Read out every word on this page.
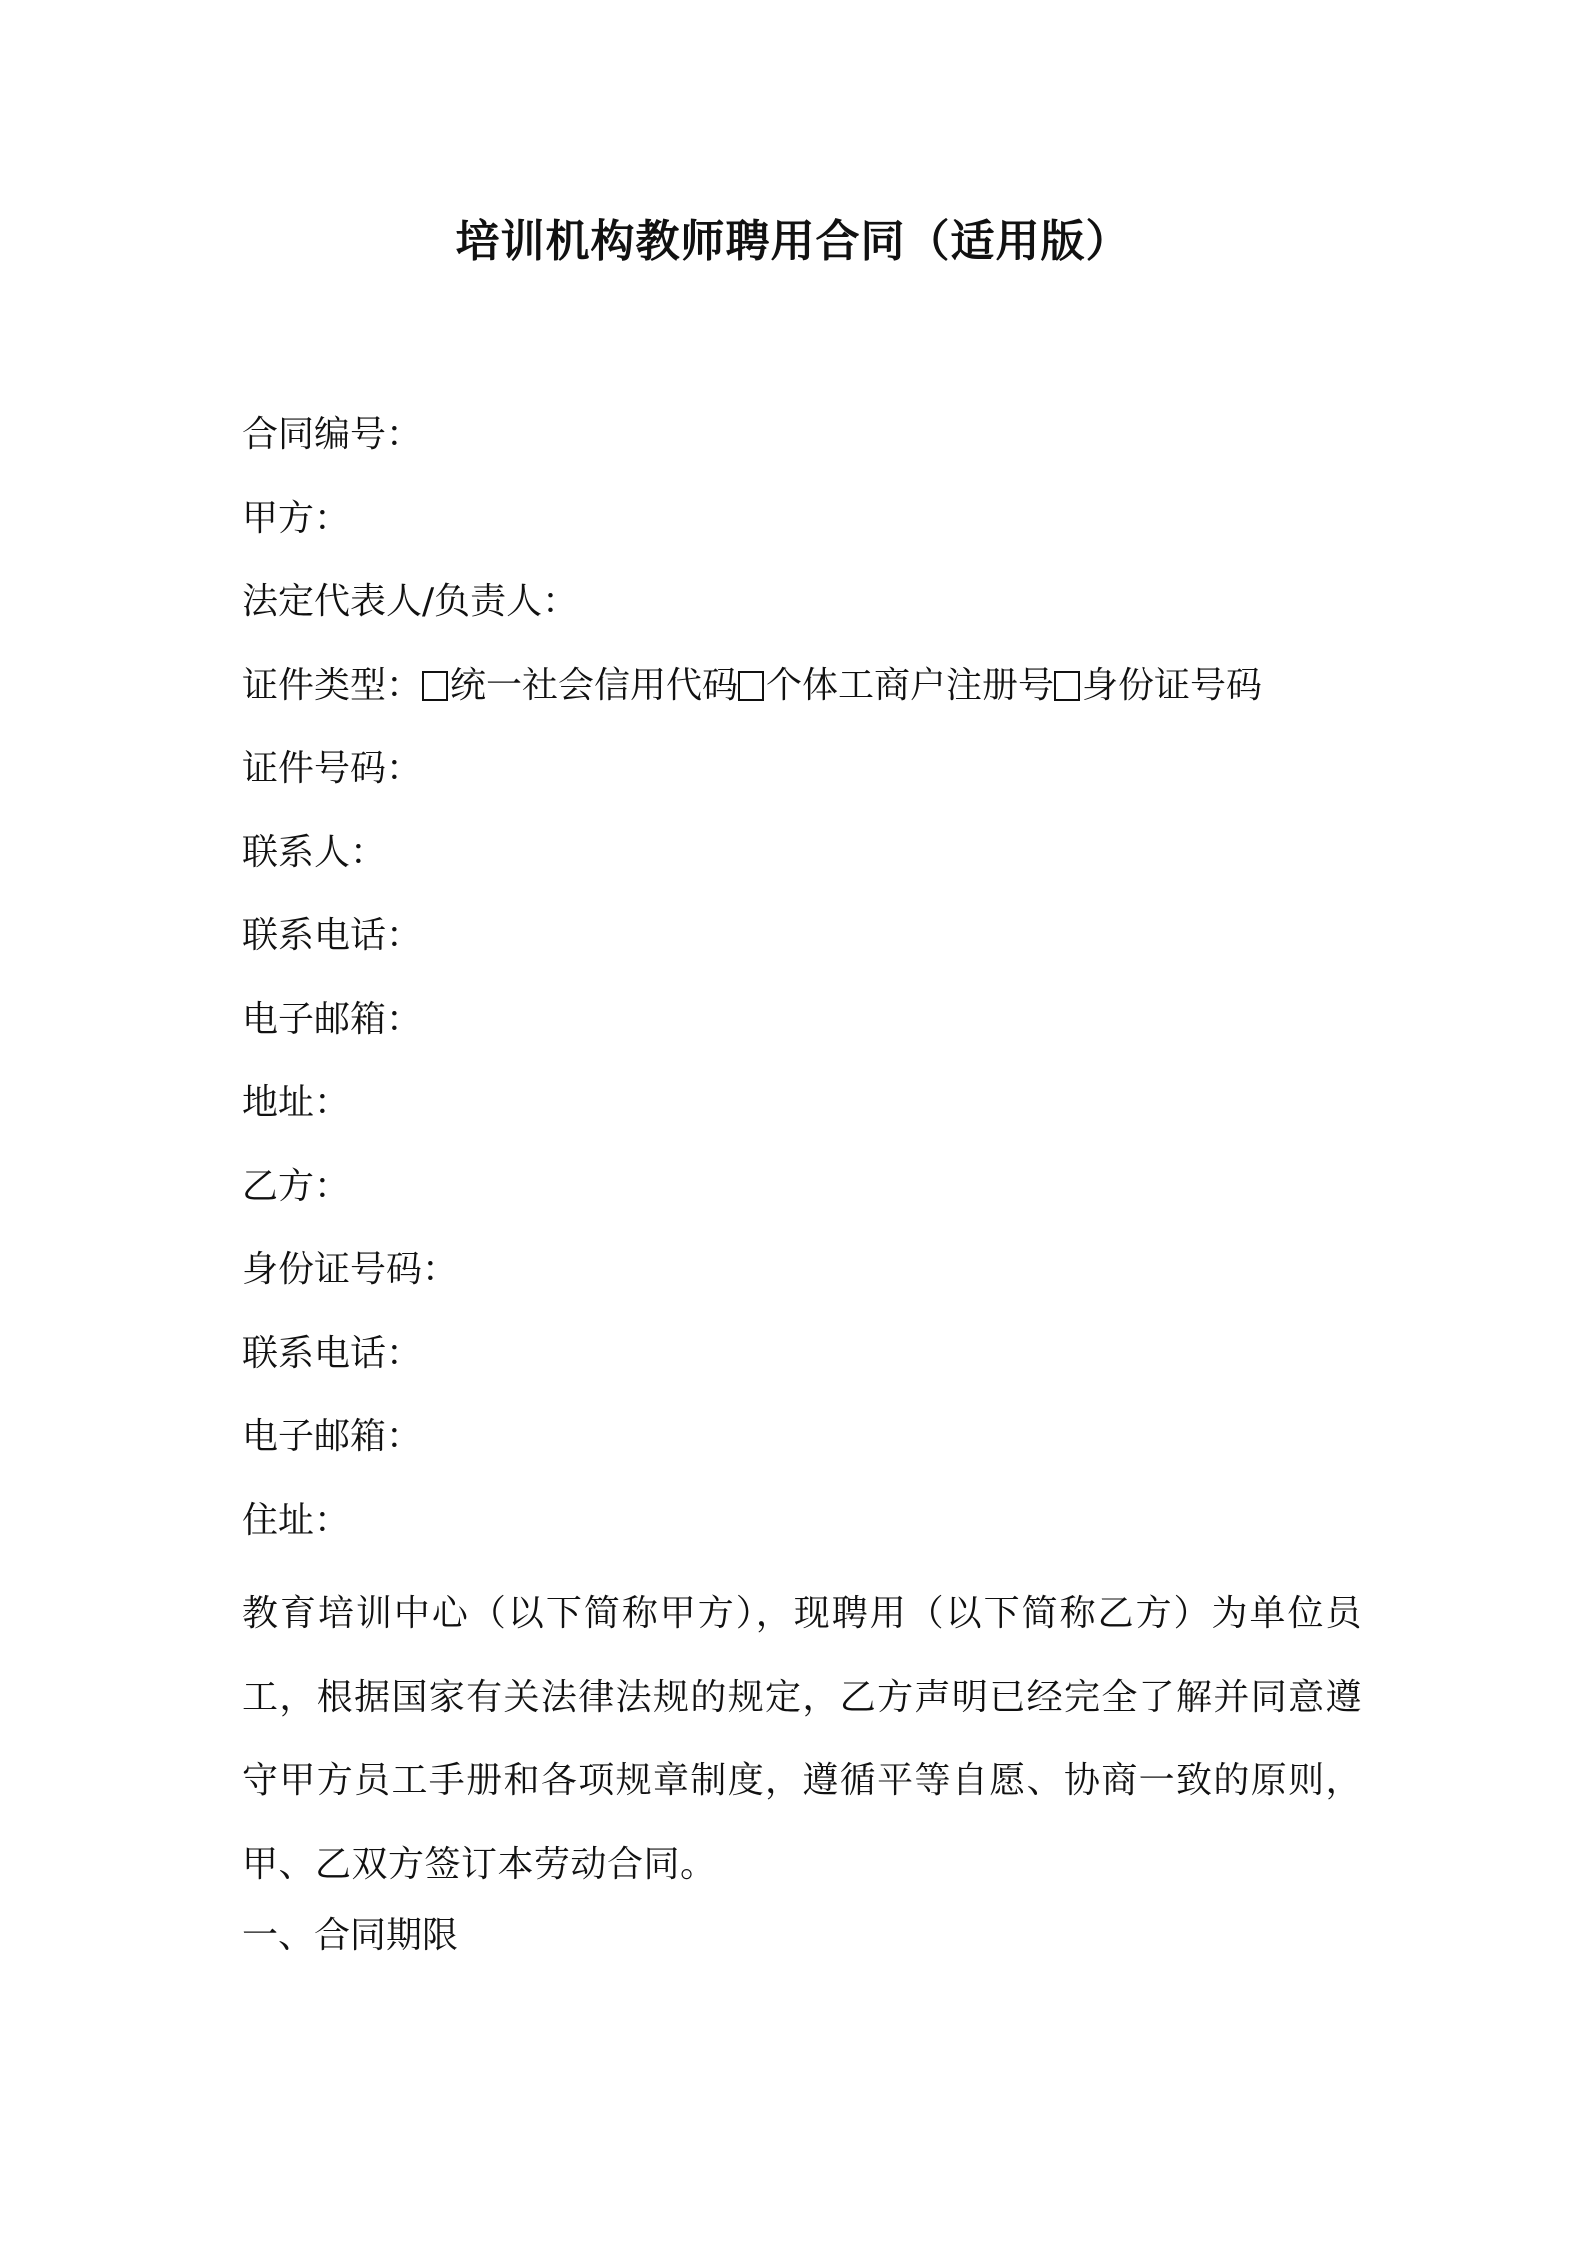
培训机构教师聘用合同（适用版）
合同编号：
甲方：
法定代表人/负责人：
证件类型： 统一社会信用代码 个体工商户注册号 身份证号码
证件号码：
联系人：
联系电话：
电子邮箱：
地址：
乙方：
身份证号码：
联系电话：
电子邮箱：
住址：
教育培训中心（以下简称甲方），现聘用（以下简称乙方）为单位员工，根据国家有关法律法规的规定，乙方声明已经完全了解并同意遵守甲方员工手册和各项规章制度，遵循平等自愿、协商一致的原则，甲、乙双方签订本劳动合同。
一、合同期限
